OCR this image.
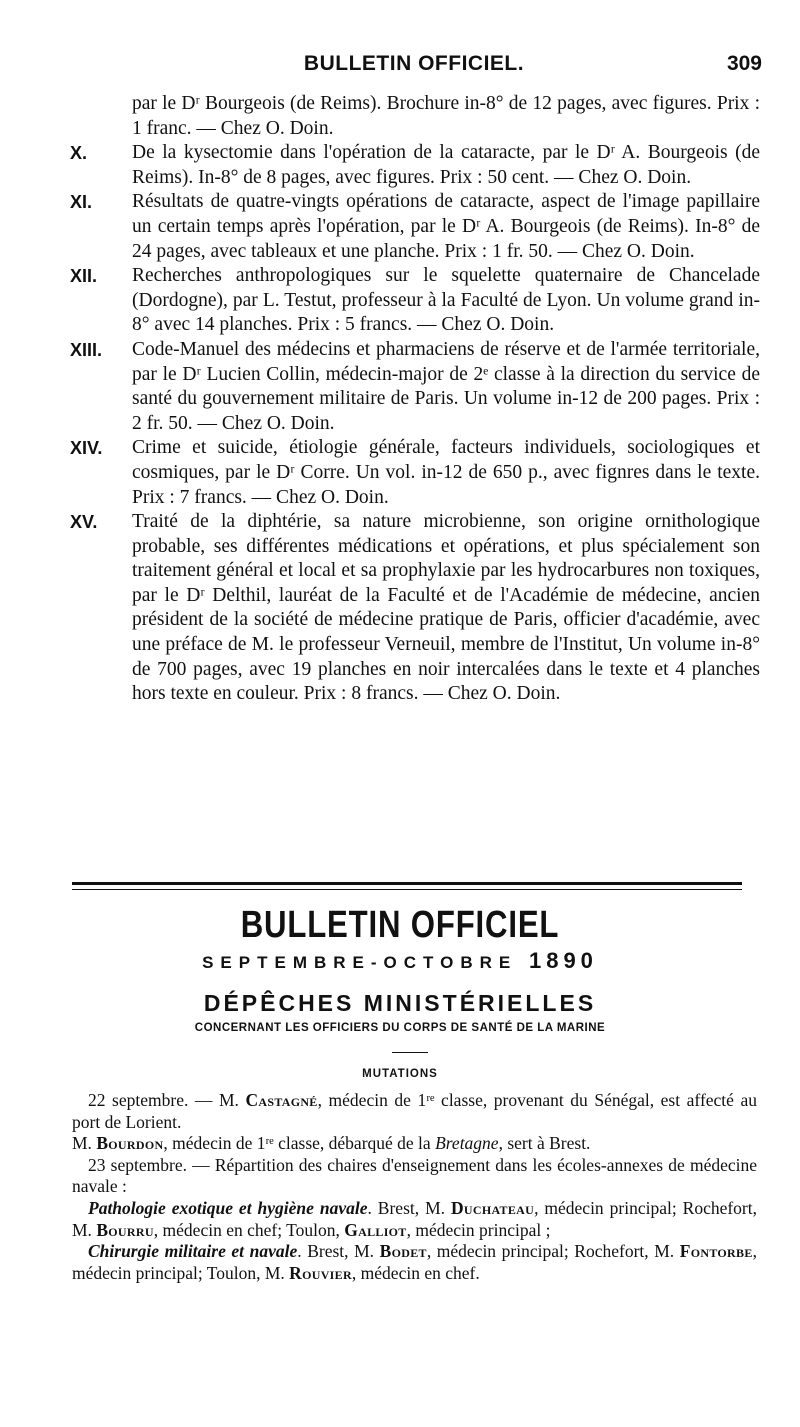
BULLETIN OFFICIEL.	309
par le Dʳ Bourgeois (de Reims). Brochure in-8° de 12 pages, avec figures. Prix : 1 franc. — Chez O. Doin.
X.	De la kysectomie dans l'opération de la cataracte, par le Dʳ A. Bourgeois (de Reims). In-8° de 8 pages, avec figures. Prix : 50 cent. — Chez O. Doin.
XI.	Résultats de quatre-vingts opérations de cataracte, aspect de l'image papillaire un certain temps après l'opération, par le Dʳ A. Bourgeois (de Reims). In-8° de 24 pages, avec tableaux et une planche. Prix : 1 fr. 50. — Chez O. Doin.
XII.	Recherches anthropologiques sur le squelette quaternaire de Chancelade (Dordogne), par L. Testut, professeur à la Faculté de Lyon. Un volume grand in-8° avec 14 planches. Prix : 5 francs. — Chez O. Doin.
XIII.	Code-Manuel des médecins et pharmaciens de réserve et de l'armée territoriale, par le Dʳ Lucien Collin, médecin-major de 2ᵉ classe à la direction du service de santé du gouvernement militaire de Paris. Un volume in-12 de 200 pages. Prix : 2 fr. 50. — Chez O. Doin.
XIV.	Crime et suicide, étiologie générale, facteurs individuels, sociologiques et cosmiques, par le Dʳ Corre. Un vol. in-12 de 650 p., avec fignres dans le texte. Prix : 7 francs. — Chez O. Doin.
XV.	Traité de la diphtérie, sa nature microbienne, son origine ornithologique probable, ses différentes médications et opérations, et plus spécialement son traitement général et local et sa prophylaxie par les hydrocarbures non toxiques, par le Dʳ Delthil, lauréat de la Faculté et de l'Académie de médecine, ancien président de la société de médecine pratique de Paris, officier d'académie, avec une préface de M. le professeur Verneuil, membre de l'Institut, Un volume in-8° de 700 pages, avec 19 planches en noir intercalées dans le texte et 4 planches hors texte en couleur. Prix : 8 francs. — Chez O. Doin.
BULLETIN OFFICIEL
SEPTEMBRE-OCTOBRE 1890
DÉPÊCHES MINISTÉRIELLES
CONCERNANT LES OFFICIERS DU CORPS DE SANTÉ DE LA MARINE
MUTATIONS

22 septembre. — M. Castagné, médecin de 1ʳᵉ classe, provenant du Sénégal, est affecté au port de Lorient.

M. Bourdon, médecin de 1ʳᵉ classe, débarqué de la Bretagne, sert à Brest.

23 septembre. — Répartition des chaires d'enseignement dans les écoles-annexes de médecine navale :

Pathologie exotique et hygiène navale. Brest, M. Duchateau, médecin principal; Rochefort, M. Bourru, médecin en chef; Toulon, Galliot, médecin principal ;

Chirurgie militaire et navale. Brest, M. Bodet, médecin principal; Rochefort, M. Fontorbe, médecin principal; Toulon, M. Rouvier, médecin en chef.
